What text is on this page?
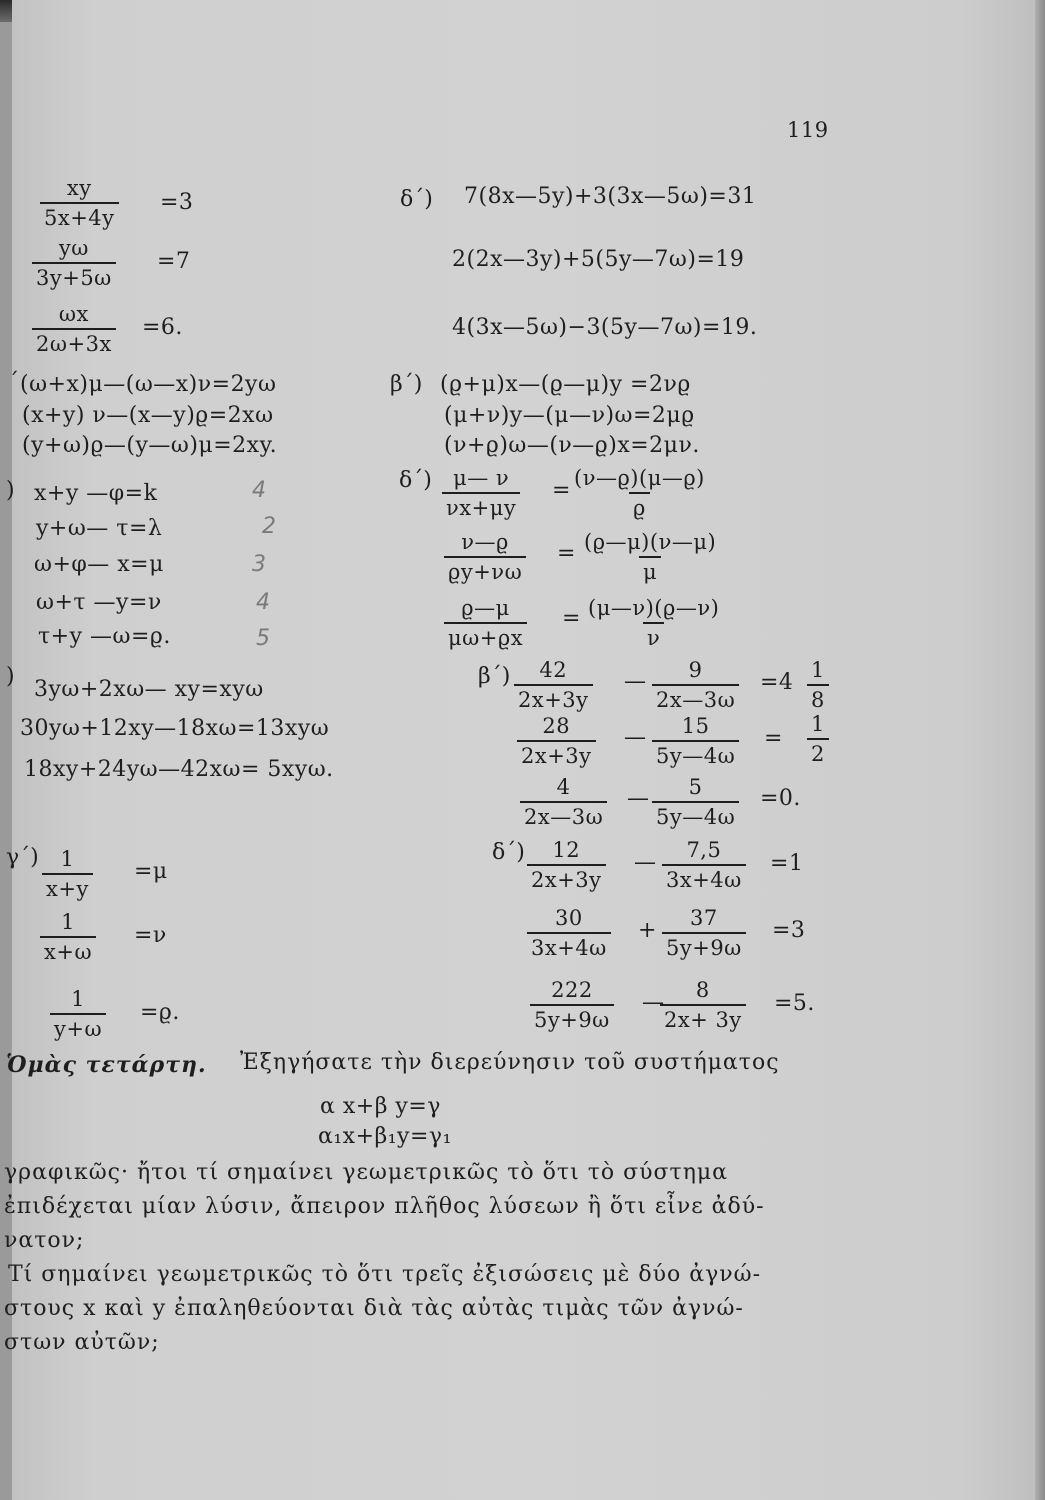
119
$\frac{xy}{5x+4y} =3$
$\frac{y\omega}{3y+5\omega} =7$
$\frac{\omega x}{2\omega+3x} =6$.
δ΄) 7(8x—5y)+3(3x—5ω)=31
2(2x—3y)+5(5y—7ω)=19
4(3x—5ω)−3(5y—7ω)=19.
΄ (ω+x)μ—(ω—x)ν=2yω
(x+y) ν—(x—y)ϱ=2xω
(y+ω)ϱ—(y—ω)μ=2xy.
β΄) (ϱ+μ)x—(ϱ—μ)y =2νϱ
(μ+ν)y—(μ—ν)ω=2μϱ
(ν+ϱ)ω—(ν—ϱ)x=2μν.
) x+y —φ=k
y+ω— τ=λ
ω+φ— x=μ
ω+τ —y=ν
τ+y —ω=ϱ.
4
2
3
4
5
$\delta΄) \frac{\mu— \nu}{\nu x+\mu y} = \frac{(\nu—ϱ)(\mu—ϱ)}{ϱ}$
$\frac{\nu—ϱ}{ϱy+\nu\omega} = \frac{(ϱ—\mu)(\nu—\mu)}{\mu}$
$\frac{ϱ—\mu}{\mu\omega+ϱx} = \frac{(\mu—\nu)(ϱ—\nu)}{\nu}$
)
3yω+2xω— xy=xyω
30yω+12xy—18xω=13xyω
18xy+24yω—42xω= 5xyω.
$\beta΄) \frac{42}{2x+3y}$ — $\frac{9}{2x—3\omega} =4 \frac{1}{8}$
$\frac{28}{2x+3y}$ — $\frac{15}{5y—4\omega} = \frac{1}{2}$
$\frac{4}{2x—3\omega}$ — $\frac{5}{5y—4\omega} =0$.
$\gamma΄) \frac{1}{x+y} =\mu$
$\frac{1}{x+\omega} =\nu$
$\frac{1}{y+\omega} =ϱ$.
$\delta΄) \frac{12}{2x+3y}$ — $\frac{7,5}{3x+4\omega} =1$
$\frac{30}{3x+4\omega} + \frac{37}{5y+9\omega} =3$
$\frac{222}{5y+9\omega}$ —
$\frac{8}{2x+ 3y} =5$.
Ὁμὰς τετάρτη. Ἐξηγήσατε τὴν διερεύνησιν τοῦ συστήματος
α x+β y=γ
α₁x+β₁y=γ₁
γραφικῶς· ἤτοι τί σημαίνει γεωμετρικῶς τὸ ὅτι τὸ σύστημα
ἐπιδέχεται μίαν λύσιν, ἄπειρον πλῆθος λύσεων ἢ ὅτι εἶνε ἀδύ-
νατον;
Τί σημαίνει γεωμετρικῶς τὸ ὅτι τρεῖς ἐξισώσεις μὲ δύο ἀγνώ-
στους x καὶ y ἐπαληθεύονται διὰ τὰς αὐτὰς τιμὰς τῶν ἀγνώ-
στων αὐτῶν;
